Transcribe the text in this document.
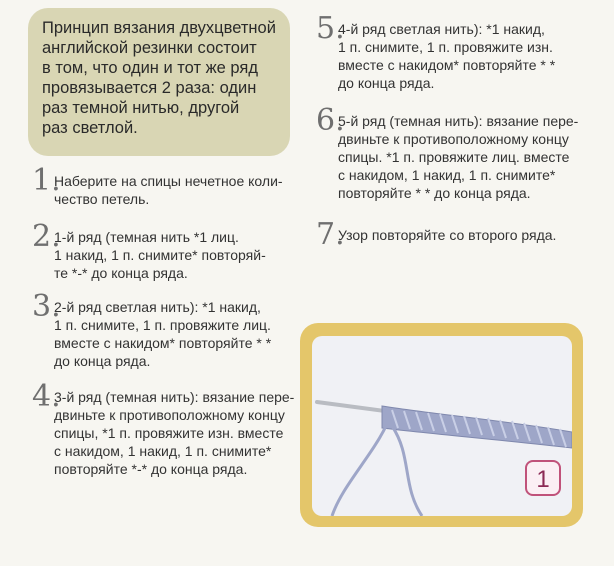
Принцип вязания двухцветной
английской резинки состоит
в том, что один и тот же ряд
провязывается 2 раза: один
раз темной нитью, другой
раз светлой.
1.
Наберите на спицы нечетное коли-
чество петель.
2.
1-й ряд (темная нить *1 лиц.
1 накид, 1 п. снимите* повторяй-
те *-* до конца ряда.
3.
2-й ряд светлая нить): *1 накид,
1 п. снимите, 1 п. провяжите лиц.
вместе с накидом* повторяйте * *
до конца ряда.
4.
3-й ряд (темная нить): вязание пере-
двиньте к противоположному концу
спицы, *1 п. провяжите изн. вместе
с накидом, 1 накид, 1 п. снимите*
повторяйте *-* до конца ряда.
5.
4-й ряд светлая нить): *1 накид,
1 п. снимите, 1 п. провяжите изн.
вместе с накидом* повторяйте * *
до конца ряда.
6.
5-й ряд (темная нить): вязание пере-
двиньте к противоположному концу
спицы. *1 п. провяжите лиц. вместе
с накидом, 1 накид, 1 п. снимите*
повторяйте * * до конца ряда.
7.
Узор повторяйте со второго ряда.
1
